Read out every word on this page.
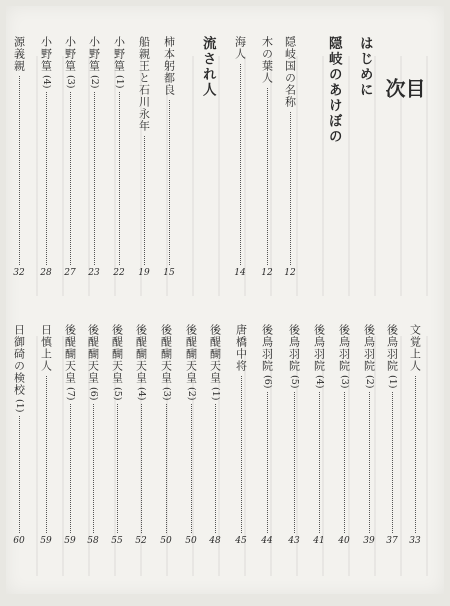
目
次
はじめに
隠岐のあけぼの
隠岐国の名称
12
木の葉人
12
海人
14
流され人
柿本躬都良
15
船親王と石川永年
19
小野篁
(1)
22
小野篁
(2)
23
小野篁
(3)
27
小野篁
(4)
28
源義親
32
文覚上人
33
後鳥羽院
(1)
37
後鳥羽院
(2)
39
後鳥羽院
(3)
40
後鳥羽院
(4)
41
後鳥羽院
(5)
43
後鳥羽院
(6)
44
唐橋中将
45
後醍醐天皇
(1)
48
後醍醐天皇
(2)
50
後醍醐天皇
(3)
50
後醍醐天皇
(4)
52
後醍醐天皇
(5)
55
後醍醐天皇
(6)
58
後醍醐天皇
(7)
59
日慎上人
59
日御碕の検校
(1)
60
